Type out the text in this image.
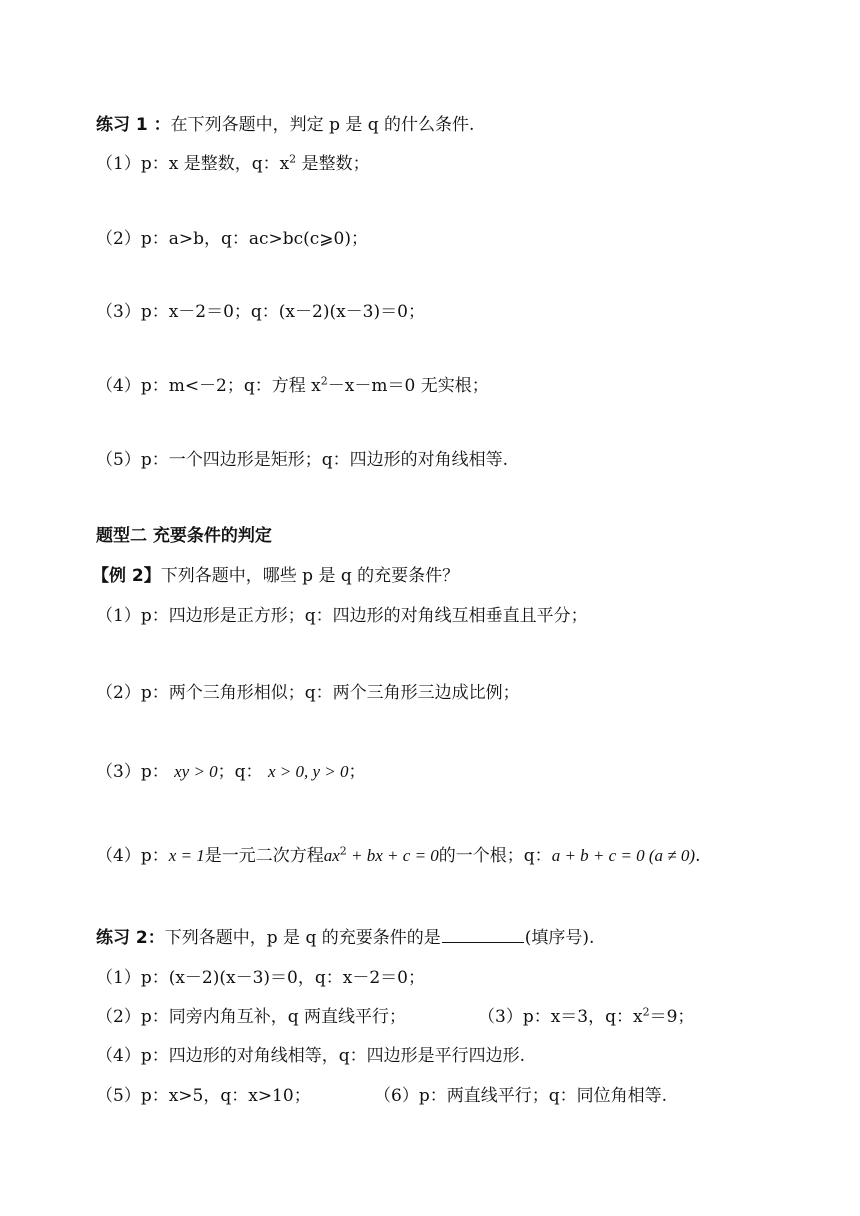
练习 1 ：在下列各题中，判定 p 是 q 的什么条件.
（1）p：x 是整数，q：$x^2$ 是整数；
（2）p：a>b，q：ac>bc(c⩾0)；
（3）p：x－2＝0；q：(x－2)(x－3)＝0；
（4）p：m<－2；q：方程 $x^2-x-m=0$ 无实根；
（5）p：一个四边形是矩形；q：四边形的对角线相等.
题型二 充要条件的判定
【例 2】下列各题中，哪些 p 是 q 的充要条件？
（1）p：四边形是正方形；q：四边形的对角线互相垂直且平分；
（2）p：两个三角形相似；q：两个三角形三边成比例；
（3）p： xy > 0；q： x > 0, y > 0；
（4）p：x = 1是一元二次方程$ax^2$ + bx + c = 0的一个根；q：a + b + c = 0 (a ≠ 0).
练习 2：下列各题中，p 是 q 的充要条件的是	(填序号).
（1）p：(x－2)(x－3)＝0，q：x－2＝0；
（2）p：同旁内角互补，q 两直线平行；	（3）p：x＝3，q：$x^2=9$；
（4）p：四边形的对角线相等，q：四边形是平行四边形.
（5）p：x>5，q：x>10；	（6）p：两直线平行；q：同位角相等.
